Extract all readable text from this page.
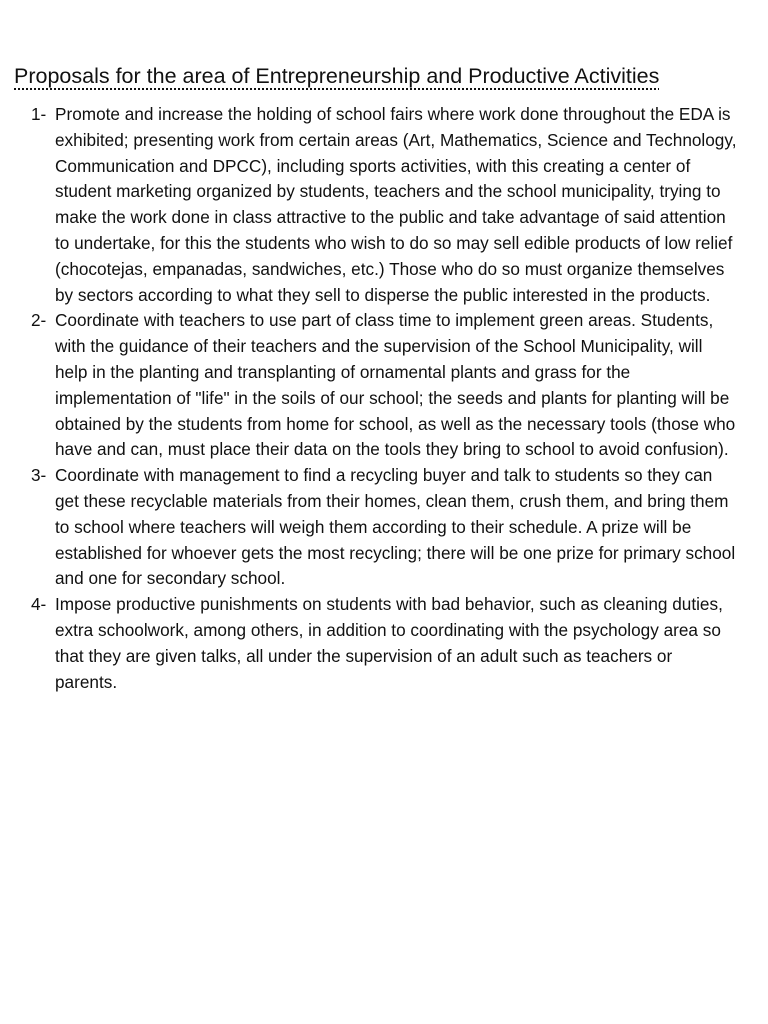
Proposals for the area of Entrepreneurship and Productive Activities
1- Promote and increase the holding of school fairs where work done throughout the EDA is exhibited; presenting work from certain areas (Art, Mathematics, Science and Technology, Communication and DPCC), including sports activities, with this creating a center of student marketing organized by students, teachers and the school municipality, trying to make the work done in class attractive to the public and take advantage of said attention to undertake, for this the students who wish to do so may sell edible products of low relief (chocotejas, empanadas, sandwiches, etc.) Those who do so must organize themselves by sectors according to what they sell to disperse the public interested in the products.
2- Coordinate with teachers to use part of class time to implement green areas. Students, with the guidance of their teachers and the supervision of the School Municipality, will help in the planting and transplanting of ornamental plants and grass for the implementation of "life" in the soils of our school; the seeds and plants for planting will be obtained by the students from home for school, as well as the necessary tools (those who have and can, must place their data on the tools they bring to school to avoid confusion).
3- Coordinate with management to find a recycling buyer and talk to students so they can get these recyclable materials from their homes, clean them, crush them, and bring them to school where teachers will weigh them according to their schedule. A prize will be established for whoever gets the most recycling; there will be one prize for primary school and one for secondary school.
4- Impose productive punishments on students with bad behavior, such as cleaning duties, extra schoolwork, among others, in addition to coordinating with the psychology area so that they are given talks, all under the supervision of an adult such as teachers or parents.
